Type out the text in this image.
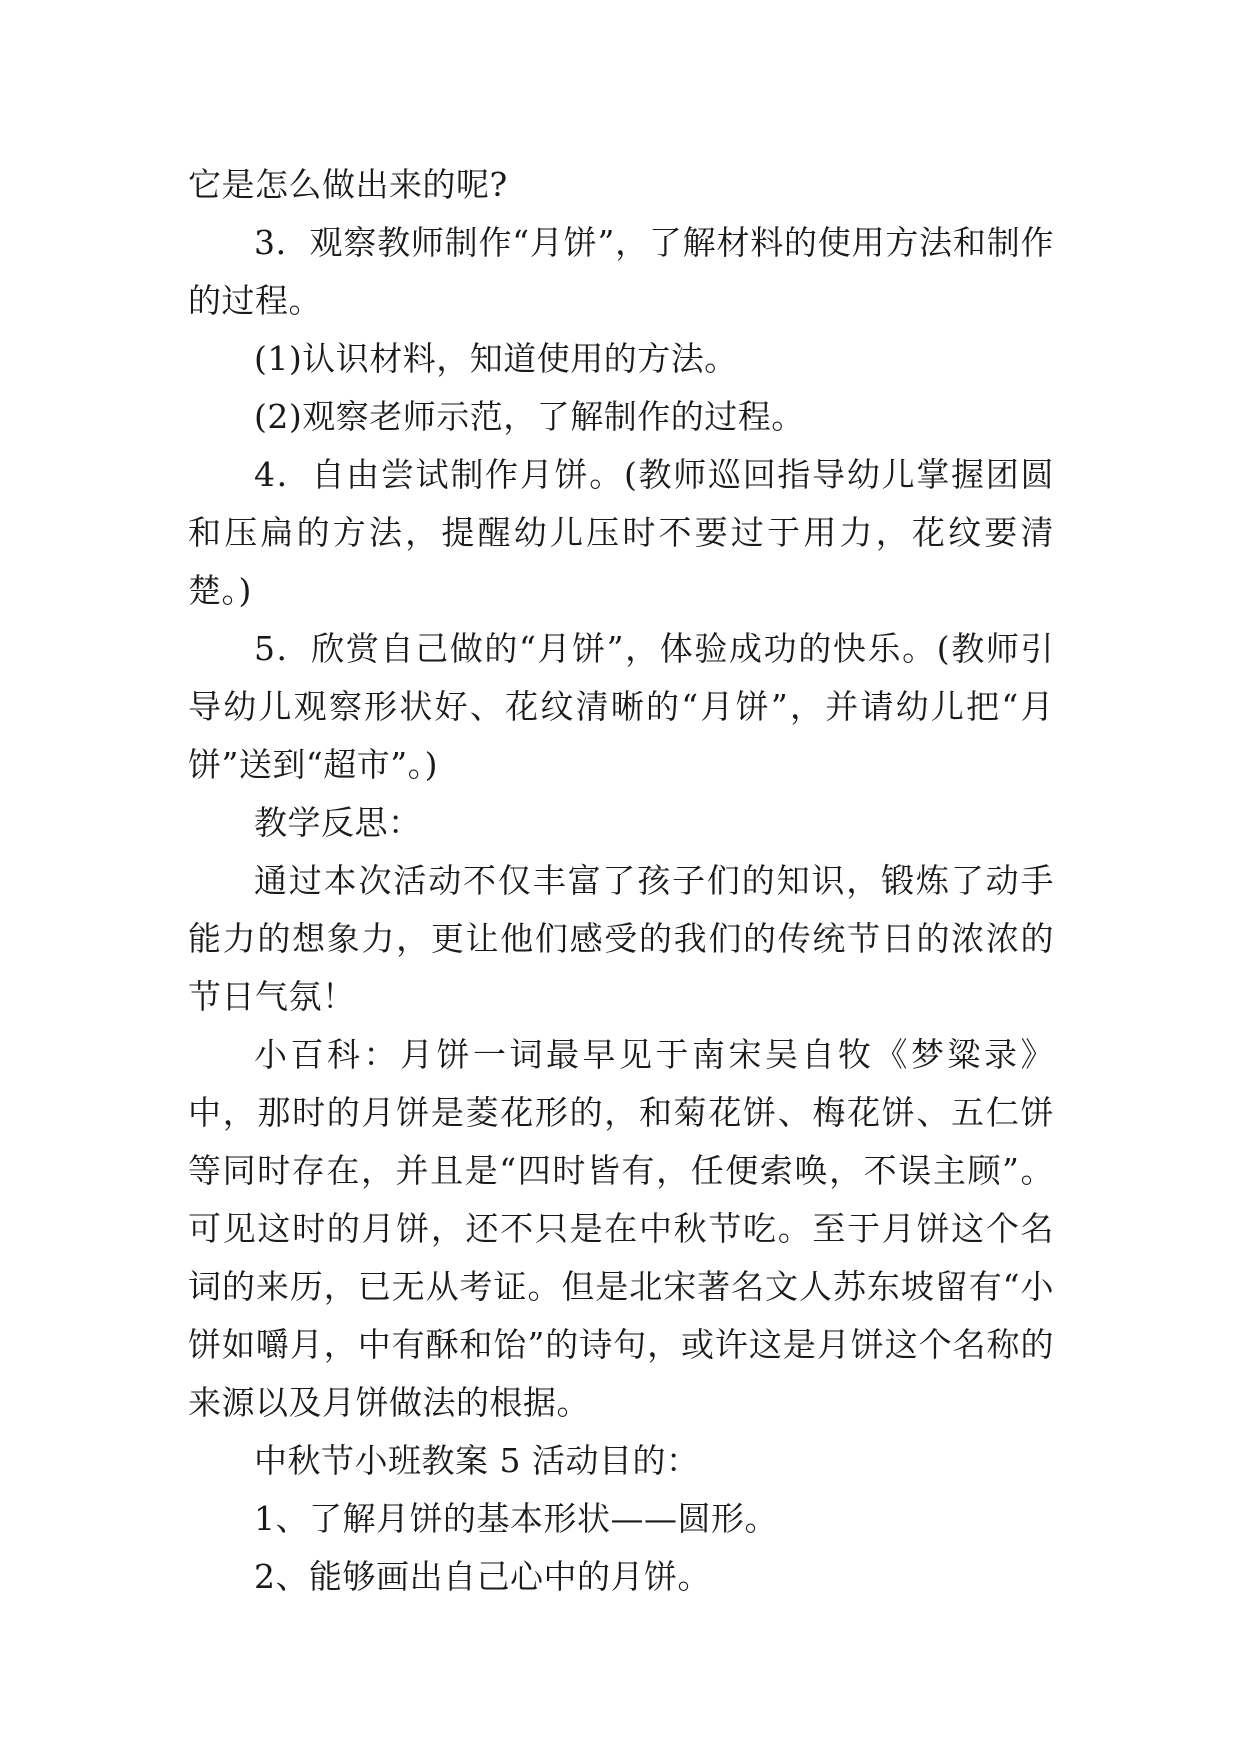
它是怎么做出来的呢?

3．观察教师制作“月饼”，了解材料的使用方法和制作的过程。

(1)认识材料，知道使用的方法。

(2)观察老师示范，了解制作的过程。

4．自由尝试制作月饼。(教师巡回指导幼儿掌握团圆和压扁的方法，提醒幼儿压时不要过于用力，花纹要清楚。)

5．欣赏自己做的“月饼”，体验成功的快乐。(教师引导幼儿观察形状好、花纹清晰的“月饼”，并请幼儿把“月饼”送到“超市”。)

教学反思：

通过本次活动不仅丰富了孩子们的知识，锻炼了动手能力的想象力，更让他们感受的我们的传统节日的浓浓的节日气氛！

小百科：月饼一词最早见于南宋吴自牧《梦粱录》中，那时的月饼是菱花形的，和菊花饼、梅花饼、五仁饼等同时存在，并且是“四时皆有，任便索唤，不误主顾”。可见这时的月饼，还不只是在中秋节吃。至于月饼这个名词的来历，已无从考证。但是北宋著名文人苏东坡留有“小饼如嚼月，中有酥和饴”的诗句，或许这是月饼这个名称的来源以及月饼做法的根据。

中秋节小班教案 5 活动目的：

1、了解月饼的基本形状——圆形。

2、能够画出自己心中的月饼。
